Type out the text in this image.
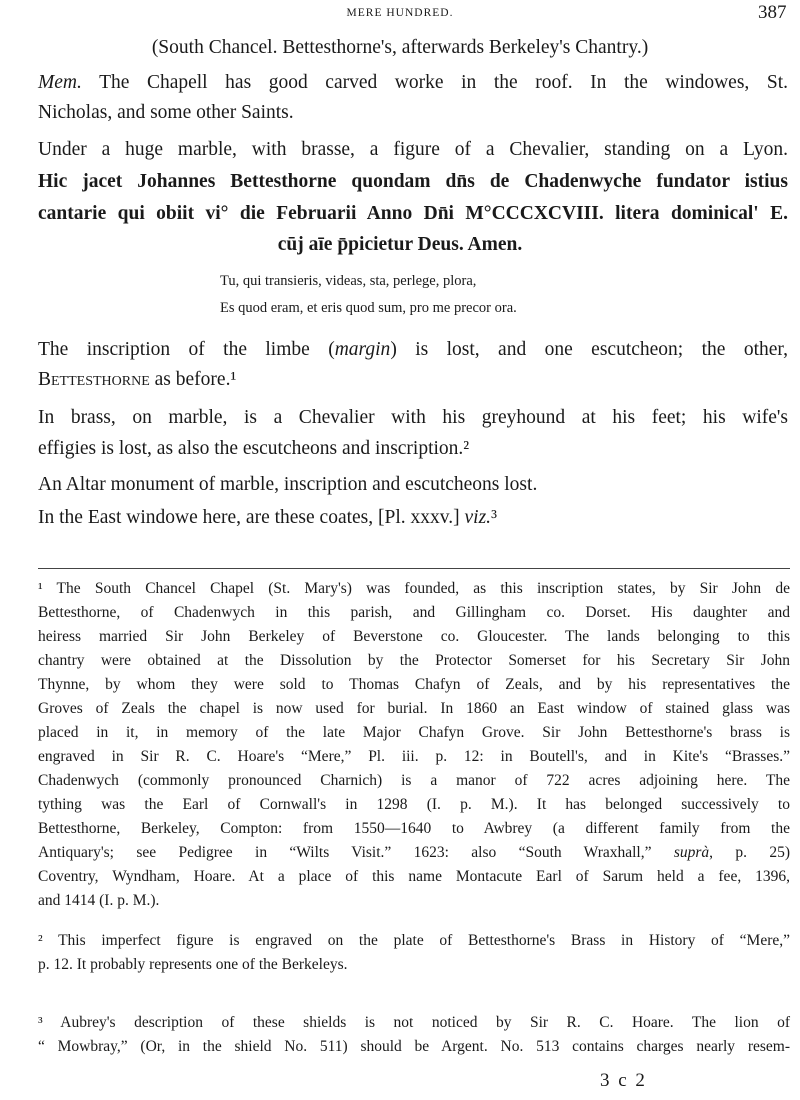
MERE HUNDRED.	387
(South Chancel. Bettesthorne's, afterwards Berkeley's Chantry.)
Mem. The Chapell has good carved worke in the roof. In the windowes, St.
Nicholas, and some other Saints.
Under a huge marble, with brasse, a figure of a Chevalier, standing on a Lyon.
Hic jacet Johannes Bettesthorne quondam dn̄s de Chadenwyche fundator istius
cantarie qui obiit vi° die Februarii Anno Dn̄i M°CCCXCVIII. litera dominical' E.
cūj aīe p̄picietur Deus. Amen.
Tu, qui transieris, videas, sta, perlege, plora,
Es quod eram, et eris quod sum, pro me precor ora.
The inscription of the limbe (margin) is lost, and one escutcheon; the other,
Bettesthorne as before.¹
In brass, on marble, is a Chevalier with his greyhound at his feet; his wife's
effigies is lost, as also the escutcheons and inscription.²
An Altar monument of marble, inscription and escutcheons lost.
In the East windowe here, are these coates, [Pl. xxxv.] viz.³
¹ The South Chancel Chapel (St. Mary's) was founded, as this inscription states, by Sir John de
Bettesthorne, of Chadenwych in this parish, and Gillingham co. Dorset. His daughter and
heiress married Sir John Berkeley of Beverstone co. Gloucester. The lands belonging to this
chantry were obtained at the Dissolution by the Protector Somerset for his Secretary Sir John
Thynne, by whom they were sold to Thomas Chafyn of Zeals, and by his representatives the
Groves of Zeals the chapel is now used for burial. In 1860 an East window of stained glass was
placed in it, in memory of the late Major Chafyn Grove. Sir John Bettesthorne's brass is
engraved in Sir R. C. Hoare's “Mere,” Pl. iii. p. 12: in Boutell's, and in Kite's “Brasses.”
Chadenwych (commonly pronounced Charnich) is a manor of 722 acres adjoining here. The
tything was the Earl of Cornwall's in 1298 (I. p. M.). It has belonged successively to
Bettesthorne, Berkeley, Compton: from 1550—1640 to Awbrey (a different family from the
Antiquary's; see Pedigree in “Wilts Visit.” 1623: also “South Wraxhall,” suprà, p. 25)
Coventry, Wyndham, Hoare. At a place of this name Montacute Earl of Sarum held a fee, 1396,
and 1414 (I. p. M.).
² This imperfect figure is engraved on the plate of Bettesthorne's Brass in History of “Mere,”
p. 12. It probably represents one of the Berkeleys.
³ Aubrey's description of these shields is not noticed by Sir R. C. Hoare. The lion of
“ Mowbray,” (Or, in the shield No. 511) should be Argent. No. 513 contains charges nearly resem-
3 c 2
